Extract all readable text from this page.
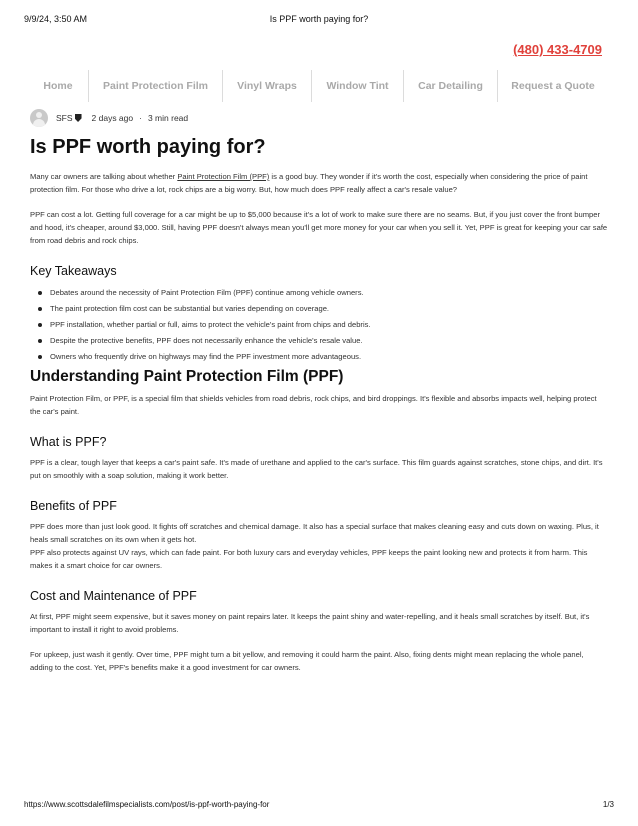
9/9/24, 3:50 AM	Is PPF worth paying for?
(480) 433-4709
Home	Paint Protection Film	Vinyl Wraps	Window Tint	Car Detailing	Request a Quote
SFS 2 days ago · 3 min read
Is PPF worth paying for?

Many car owners are talking about whether Paint Protection Film (PPF) is a good buy. They wonder if it's worth the cost, especially when considering the price of paint protection film. For those who drive a lot, rock chips are a big worry. But, how much does PPF really affect a car's resale value?

PPF can cost a lot. Getting full coverage for a car might be up to $5,000 because it's a lot of work to make sure there are no seams. But, if you just cover the front bumper and hood, it's cheaper, around $3,000. Still, having PPF doesn't always mean you'll get more money for your car when you sell it. Yet, PPF is great for keeping your car safe from road debris and rock chips.

Key Takeaways
Debates around the necessity of Paint Protection Film (PPF) continue among vehicle owners.
The paint protection film cost can be substantial but varies depending on coverage.
PPF installation, whether partial or full, aims to protect the vehicle's paint from chips and debris.
Despite the protective benefits, PPF does not necessarily enhance the vehicle's resale value.
Owners who frequently drive on highways may find the PPF investment more advantageous.
Understanding Paint Protection Film (PPF)

Paint Protection Film, or PPF, is a special film that shields vehicles from road debris, rock chips, and bird droppings. It's flexible and absorbs impacts well, helping protect the car's paint.

What is PPF?

PPF is a clear, tough layer that keeps a car's paint safe. It's made of urethane and applied to the car's surface. This film guards against scratches, stone chips, and dirt. It's put on smoothly with a soap solution, making it work better.

Benefits of PPF

PPF does more than just look good. It fights off scratches and chemical damage. It also has a special surface that makes cleaning easy and cuts down on waxing. Plus, it heals small scratches on its own when it gets hot.

PPF also protects against UV rays, which can fade paint. For both luxury cars and everyday vehicles, PPF keeps the paint looking new and protects it from harm. This makes it a smart choice for car owners.

Cost and Maintenance of PPF

At first, PPF might seem expensive, but it saves money on paint repairs later. It keeps the paint shiny and water-repelling, and it heals small scratches by itself. But, it's important to install it right to avoid problems.

For upkeep, just wash it gently. Over time, PPF might turn a bit yellow, and removing it could harm the paint. Also, fixing dents might mean replacing the whole panel, adding to the cost. Yet, PPF's benefits make it a good investment for car owners.

https://www.scottsdalefilmspecialists.com/post/is-ppf-worth-paying-for	1/3
